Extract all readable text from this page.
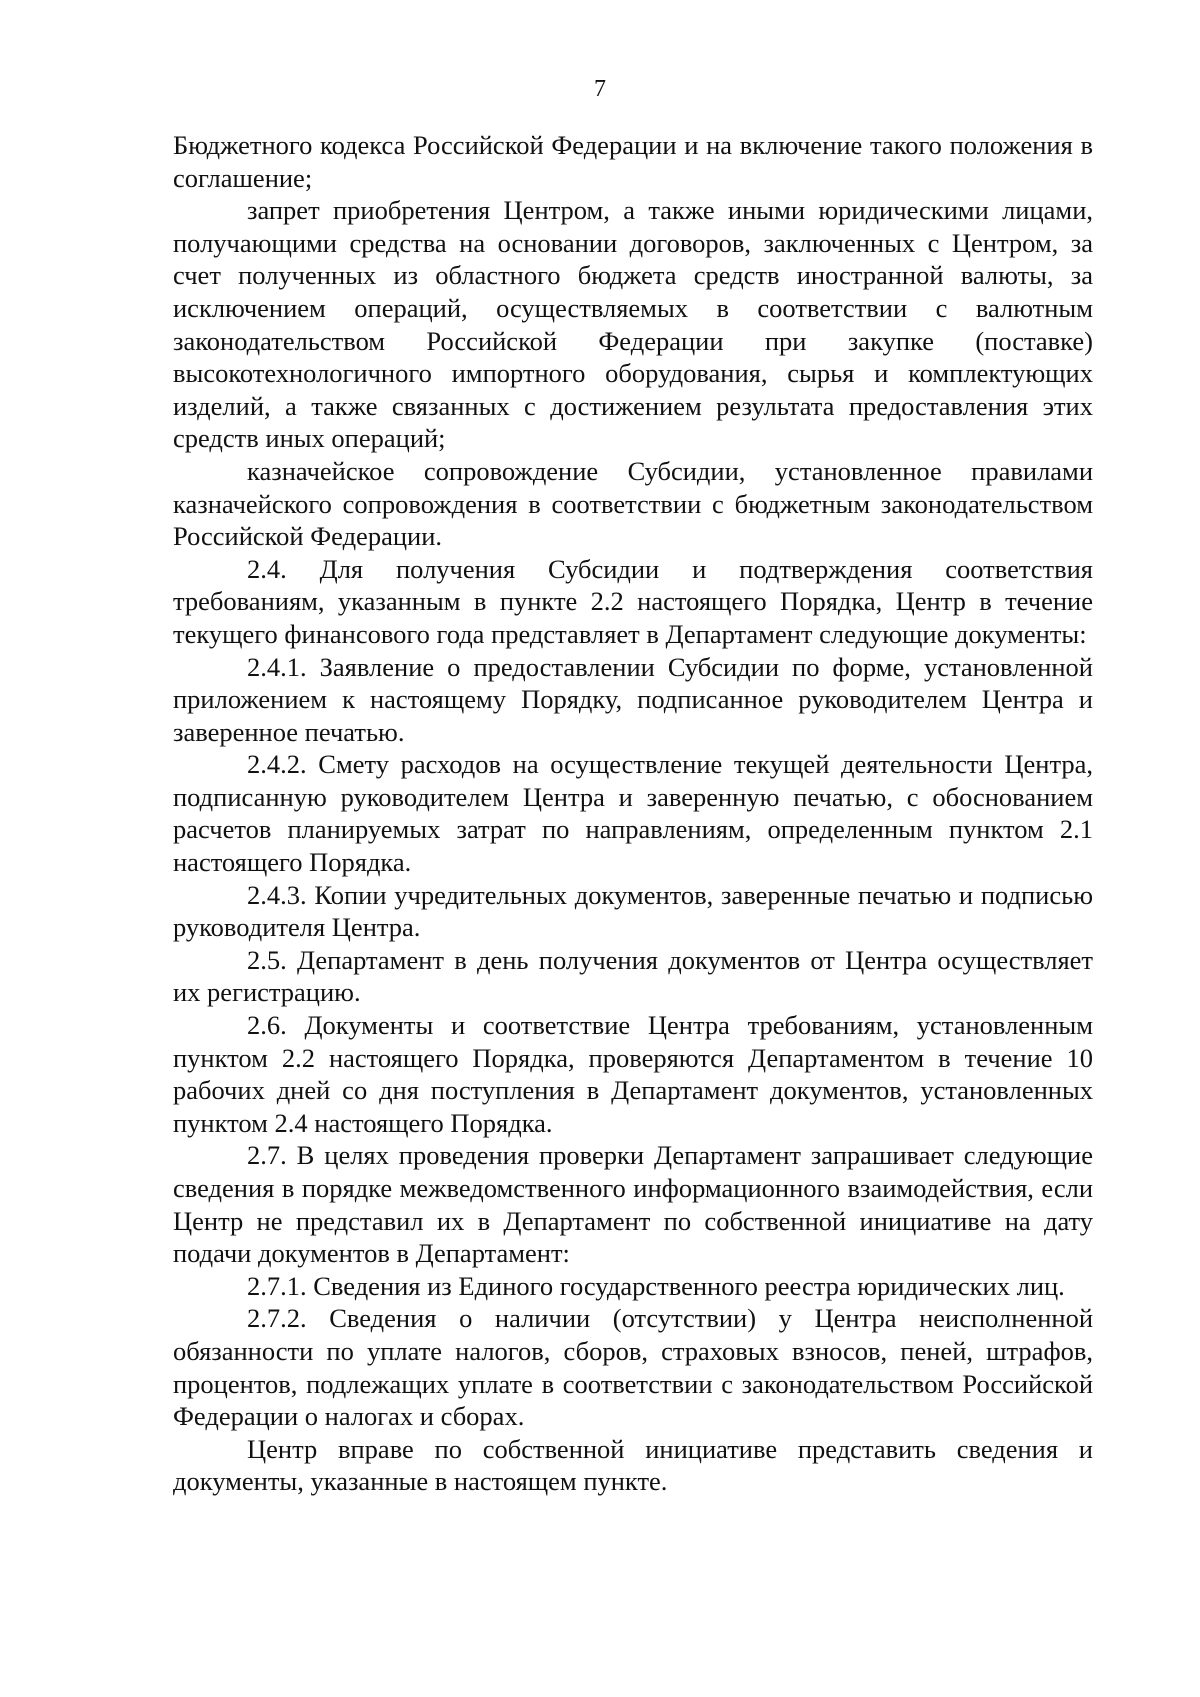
7

Бюджетного кодекса Российской Федерации и на включение такого положения в соглашение;

запрет приобретения Центром, а также иными юридическими лицами, получающими средства на основании договоров, заключенных с Центром, за счет полученных из областного бюджета средств иностранной валюты, за исключением операций, осуществляемых в соответствии с валютным законодательством Российской Федерации при закупке (поставке) высокотехнологичного импортного оборудования, сырья и комплектующих изделий, а также связанных с достижением результата предоставления этих средств иных операций;

казначейское сопровождение Субсидии, установленное правилами казначейского сопровождения в соответствии с бюджетным законодательством Российской Федерации.

2.4. Для получения Субсидии и подтверждения соответствия требованиям, указанным в пункте 2.2 настоящего Порядка, Центр в течение текущего финансового года представляет в Департамент следующие документы:

2.4.1. Заявление о предоставлении Субсидии по форме, установленной приложением к настоящему Порядку, подписанное руководителем Центра и заверенное печатью.

2.4.2. Смету расходов на осуществление текущей деятельности Центра, подписанную руководителем Центра и заверенную печатью, с обоснованием расчетов планируемых затрат по направлениям, определенным пунктом 2.1 настоящего Порядка.

2.4.3. Копии учредительных документов, заверенные печатью и подписью руководителя Центра.

2.5. Департамент в день получения документов от Центра осуществляет их регистрацию.

2.6. Документы и соответствие Центра требованиям, установленным пунктом 2.2 настоящего Порядка, проверяются Департаментом в течение 10 рабочих дней со дня поступления в Департамент документов, установленных пунктом 2.4 настоящего Порядка.

2.7. В целях проведения проверки Департамент запрашивает следующие сведения в порядке межведомственного информационного взаимодействия, если Центр не представил их в Департамент по собственной инициативе на дату подачи документов в Департамент:

2.7.1. Сведения из Единого государственного реестра юридических лиц.

2.7.2. Сведения о наличии (отсутствии) у Центра неисполненной обязанности по уплате налогов, сборов, страховых взносов, пеней, штрафов, процентов, подлежащих уплате в соответствии с законодательством Российской Федерации о налогах и сборах.

Центр вправе по собственной инициативе представить сведения и документы, указанные в настоящем пункте.
